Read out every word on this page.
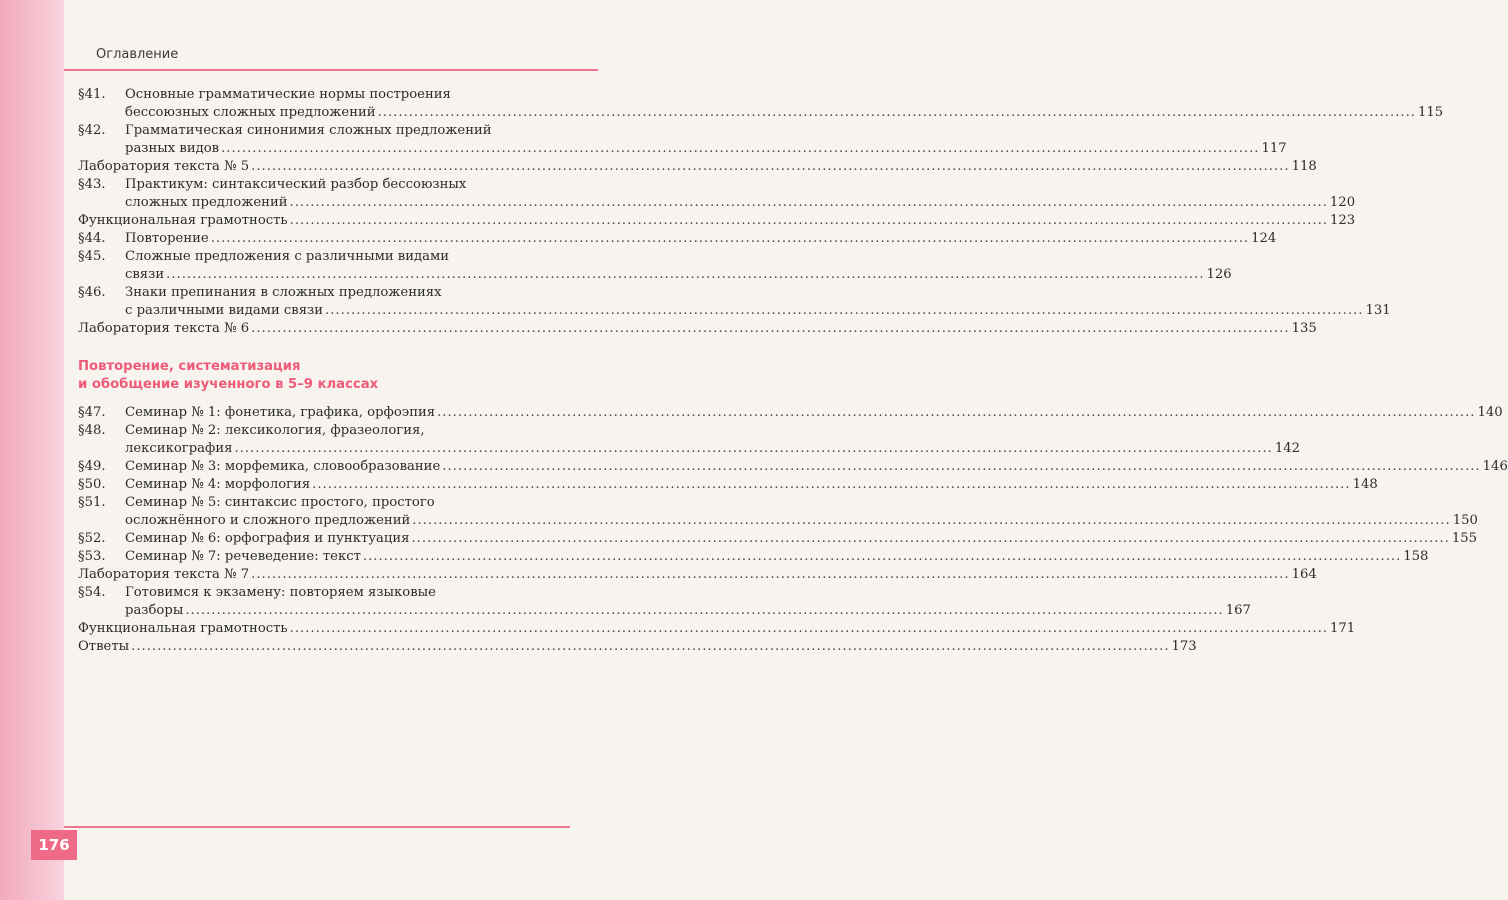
Оглавление
§41.	Основные грамматические нормы построения
бессоюзных сложных предложений ........................................................................................................................................................................................................ 115
§42.	Грамматическая синонимия сложных предложений
разных видов ........................................................................................................................................................................................................ 117
Лаборатория текста № 5 ........................................................................................................................................................................................................ 118
§43.	Практикум: синтаксический разбор бессоюзных
сложных предложений ........................................................................................................................................................................................................ 120
Функциональная грамотность ........................................................................................................................................................................................................ 123
§44.	Повторение ........................................................................................................................................................................................................ 124
§45.	Сложные предложения с различными видами
связи ........................................................................................................................................................................................................ 126
§46.	Знаки препинания в сложных предложениях
с различными видами связи ........................................................................................................................................................................................................ 131
Лаборатория текста № 6 ........................................................................................................................................................................................................ 135
Повторение, систематизация
и обобщение изученного в 5–9 классах
§47.	Семинар № 1: фонетика, графика, орфоэпия ........................................................................................................................................................................................................ 140
§48.	Семинар № 2: лексикология, фразеология,
лексикография ........................................................................................................................................................................................................ 142
§49.	Семинар № 3: морфемика, словообразование ........................................................................................................................................................................................................ 146
§50.	Семинар № 4: морфология ........................................................................................................................................................................................................ 148
§51.	Семинар № 5: синтаксис простого, простого
осложнённого и сложного предложений ........................................................................................................................................................................................................ 150
§52.	Семинар № 6: орфография и пунктуация ........................................................................................................................................................................................................ 155
§53.	Семинар № 7: речеведение: текст ........................................................................................................................................................................................................ 158
Лаборатория текста № 7 ........................................................................................................................................................................................................ 164
§54.	Готовимся к экзамену: повторяем языковые
разборы ........................................................................................................................................................................................................ 167
Функциональная грамотность ........................................................................................................................................................................................................ 171
Ответы ........................................................................................................................................................................................................ 173
176
